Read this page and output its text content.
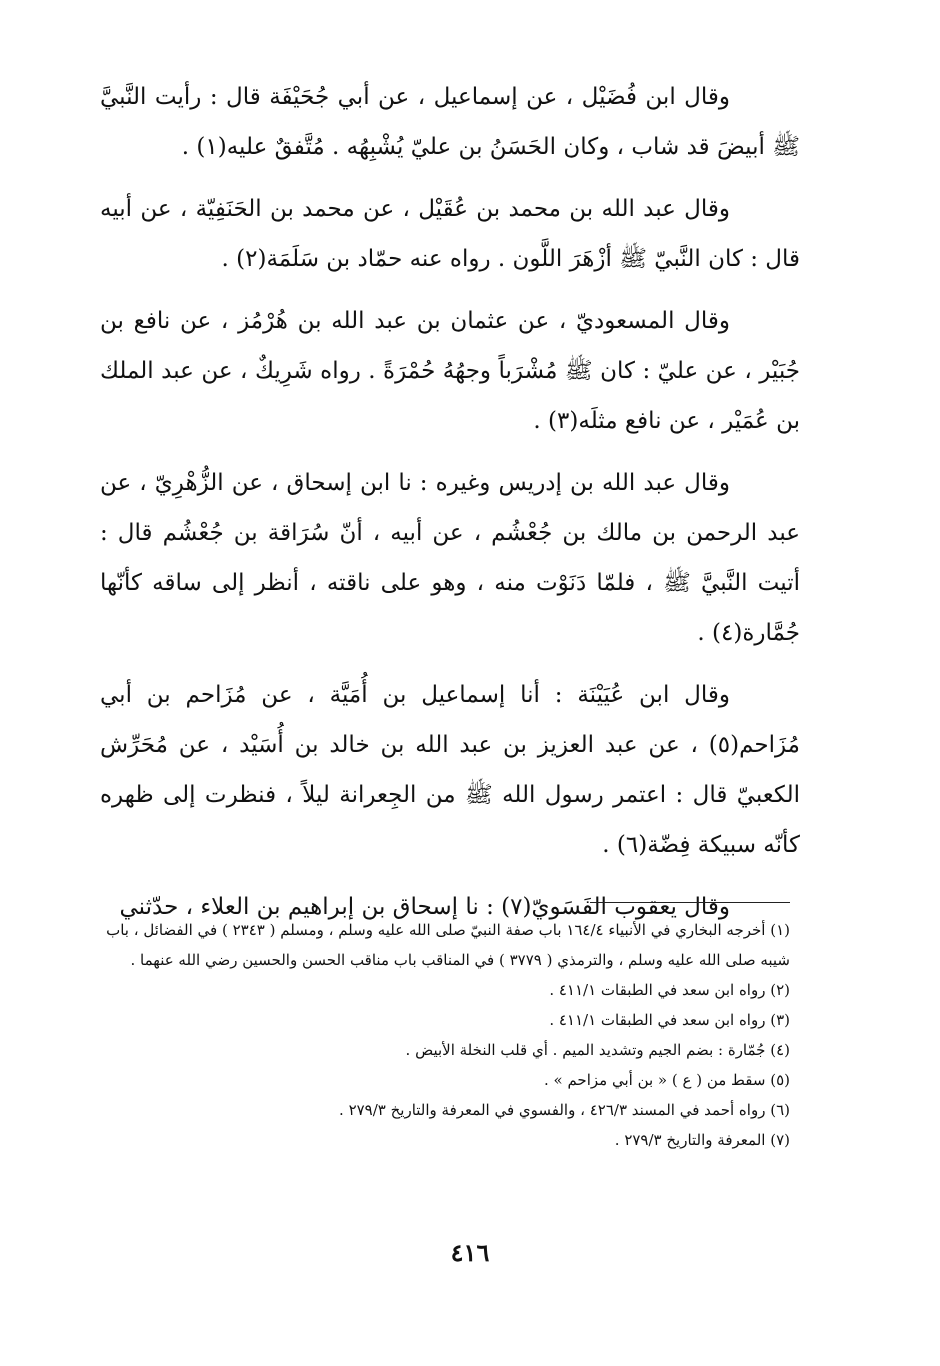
وقال ابن فُضَيْل ، عن إسماعيل ، عن أبي جُحَيْفَة قال : رأيت النَّبيَّ ﷺ أبيضَ قد شاب ، وكان الحَسَنُ بن عليّ يُشْبِهُه . مُتَّفقٌ عليه(١) .

وقال عبد الله بن محمد بن عُقَيْل ، عن محمد بن الحَنَفِيّة ، عن أبيه قال : كان النَّبيّ ﷺ أزْهَرَ اللَّون . رواه عنه حمّاد بن سَلَمَة(٢) .

وقال المسعوديّ ، عن عثمان بن عبد الله بن هُرْمُز ، عن نافع بن جُبَيْر ، عن عليّ : كان ﷺ مُشْرَباً وجهُهُ حُمْرَةً . رواه شَرِيكٌ ، عن عبد الملك بن عُمَيْر ، عن نافع مثلَه(٣) .

وقال عبد الله بن إدريس وغيره : نا ابن إسحاق ، عن الزُّهْرِيّ ، عن عبد الرحمن بن مالك بن جُعْشُم ، عن أبيه ، أنّ سُرَاقة بن جُعْشُم قال : أتيت النَّبيَّ ﷺ ، فلمّا دَنَوْت منه ، وهو على ناقته ، أنظر إلى ساقه كأنّها جُمَّارة(٤) .

وقال ابن عُيَيْنَة : أنا إسماعيل بن أُمَيَّة ، عن مُزَاحم بن أبي مُزَاحم(٥) ، عن عبد العزيز بن عبد الله بن خالد بن أُسَيْد ، عن مُحَرِّش الكعبيّ قال : اعتمر رسول الله ﷺ من الجِعرانة ليلاً ، فنظرت إلى ظهره كأنّه سبيكة فِضّة(٦) .

وقال يعقوب الفَسَويّ(٧) : نا إسحاق بن إبراهيم بن العلاء ، حدّثني

(١) أخرجه البخاري في الأنبياء ١٦٤/٤ باب صفة النبيّ صلى الله عليه وسلم ، ومسلم ( ٢٣٤٣ ) في الفضائل ، باب شيبه صلى الله عليه وسلم ، والترمذي ( ٣٧٧٩ ) في المناقب باب مناقب الحسن والحسين رضي الله عنهما .

(٢) رواه ابن سعد في الطبقات ٤١١/١ .

(٣) رواه ابن سعد في الطبقات ٤١١/١ .

(٤) جُمّارة : بضم الجيم وتشديد الميم . أي قلب النخلة الأبيض .

(٥) سقط من ( ع ) « بن أبي مزاحم » .

(٦) رواه أحمد في المسند ٤٢٦/٣ ، والفسوي في المعرفة والتاريخ ٢٧٩/٣ .

(٧) المعرفة والتاريخ ٢٧٩/٣ .

٤١٦
